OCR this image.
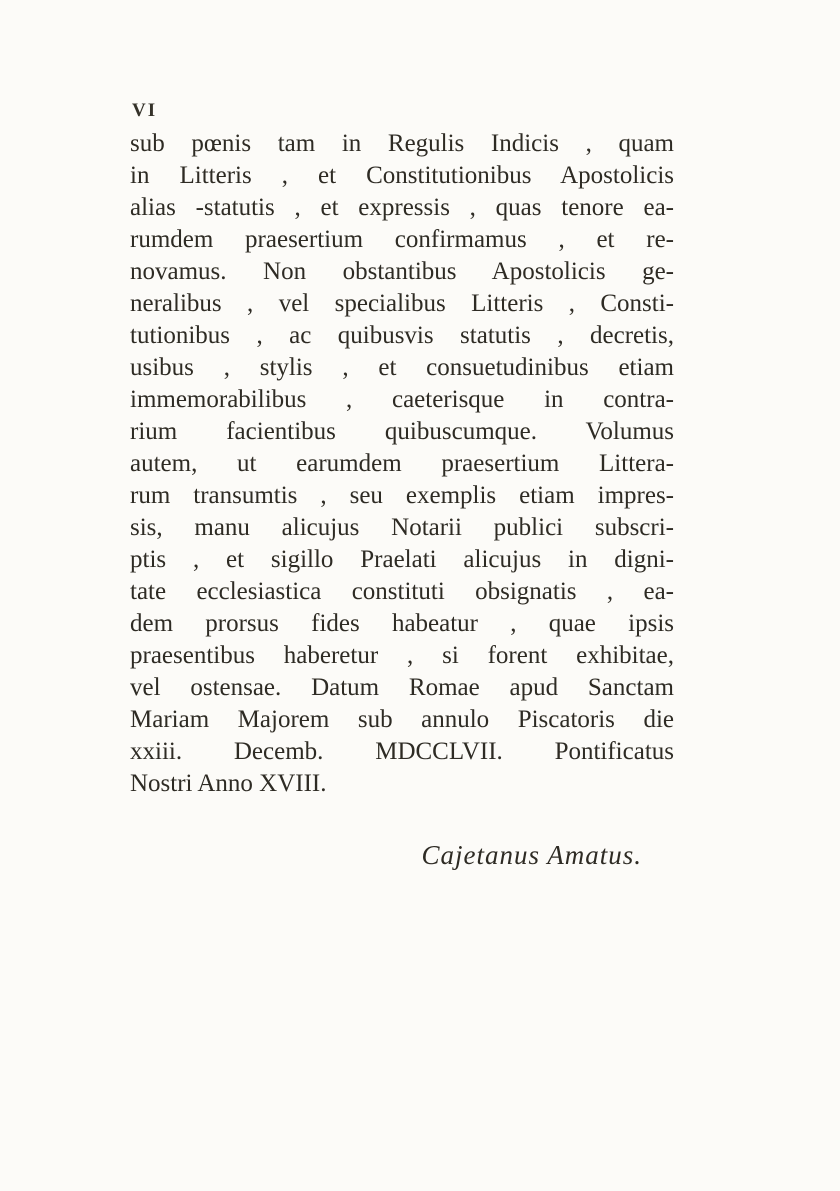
VI
sub pœnis tam in Regulis Indicis , quam
in Litteris , et Constitutionibus Apostolicis
alias -statutis , et expressis , quas tenore ea-
rumdem praesertium confirmamus , et re-
novamus. Non obstantibus Apostolicis ge-
neralibus , vel specialibus Litteris , Consti-
tutionibus , ac quibusvis statutis , decretis,
usibus , stylis , et consuetudinibus etiam
immemorabilibus , caeterisque in contra-
rium facientibus quibuscumque. Volumus
autem, ut earumdem praesertium Littera-
rum transumtis , seu exemplis etiam impres-
sis, manu alicujus Notarii publici subscri-
ptis , et sigillo Praelati alicujus in digni-
tate ecclesiastica constituti obsignatis , ea-
dem prorsus fides habeatur , quae ipsis
praesentibus haberetur , si forent exhibitae,
vel ostensae. Datum Romae apud Sanctam
Mariam Majorem sub annulo Piscatoris die
xxiii. Decemb. MDCCLVII. Pontificatus
Nostri Anno XVIII.
Cajetanus Amatus.
